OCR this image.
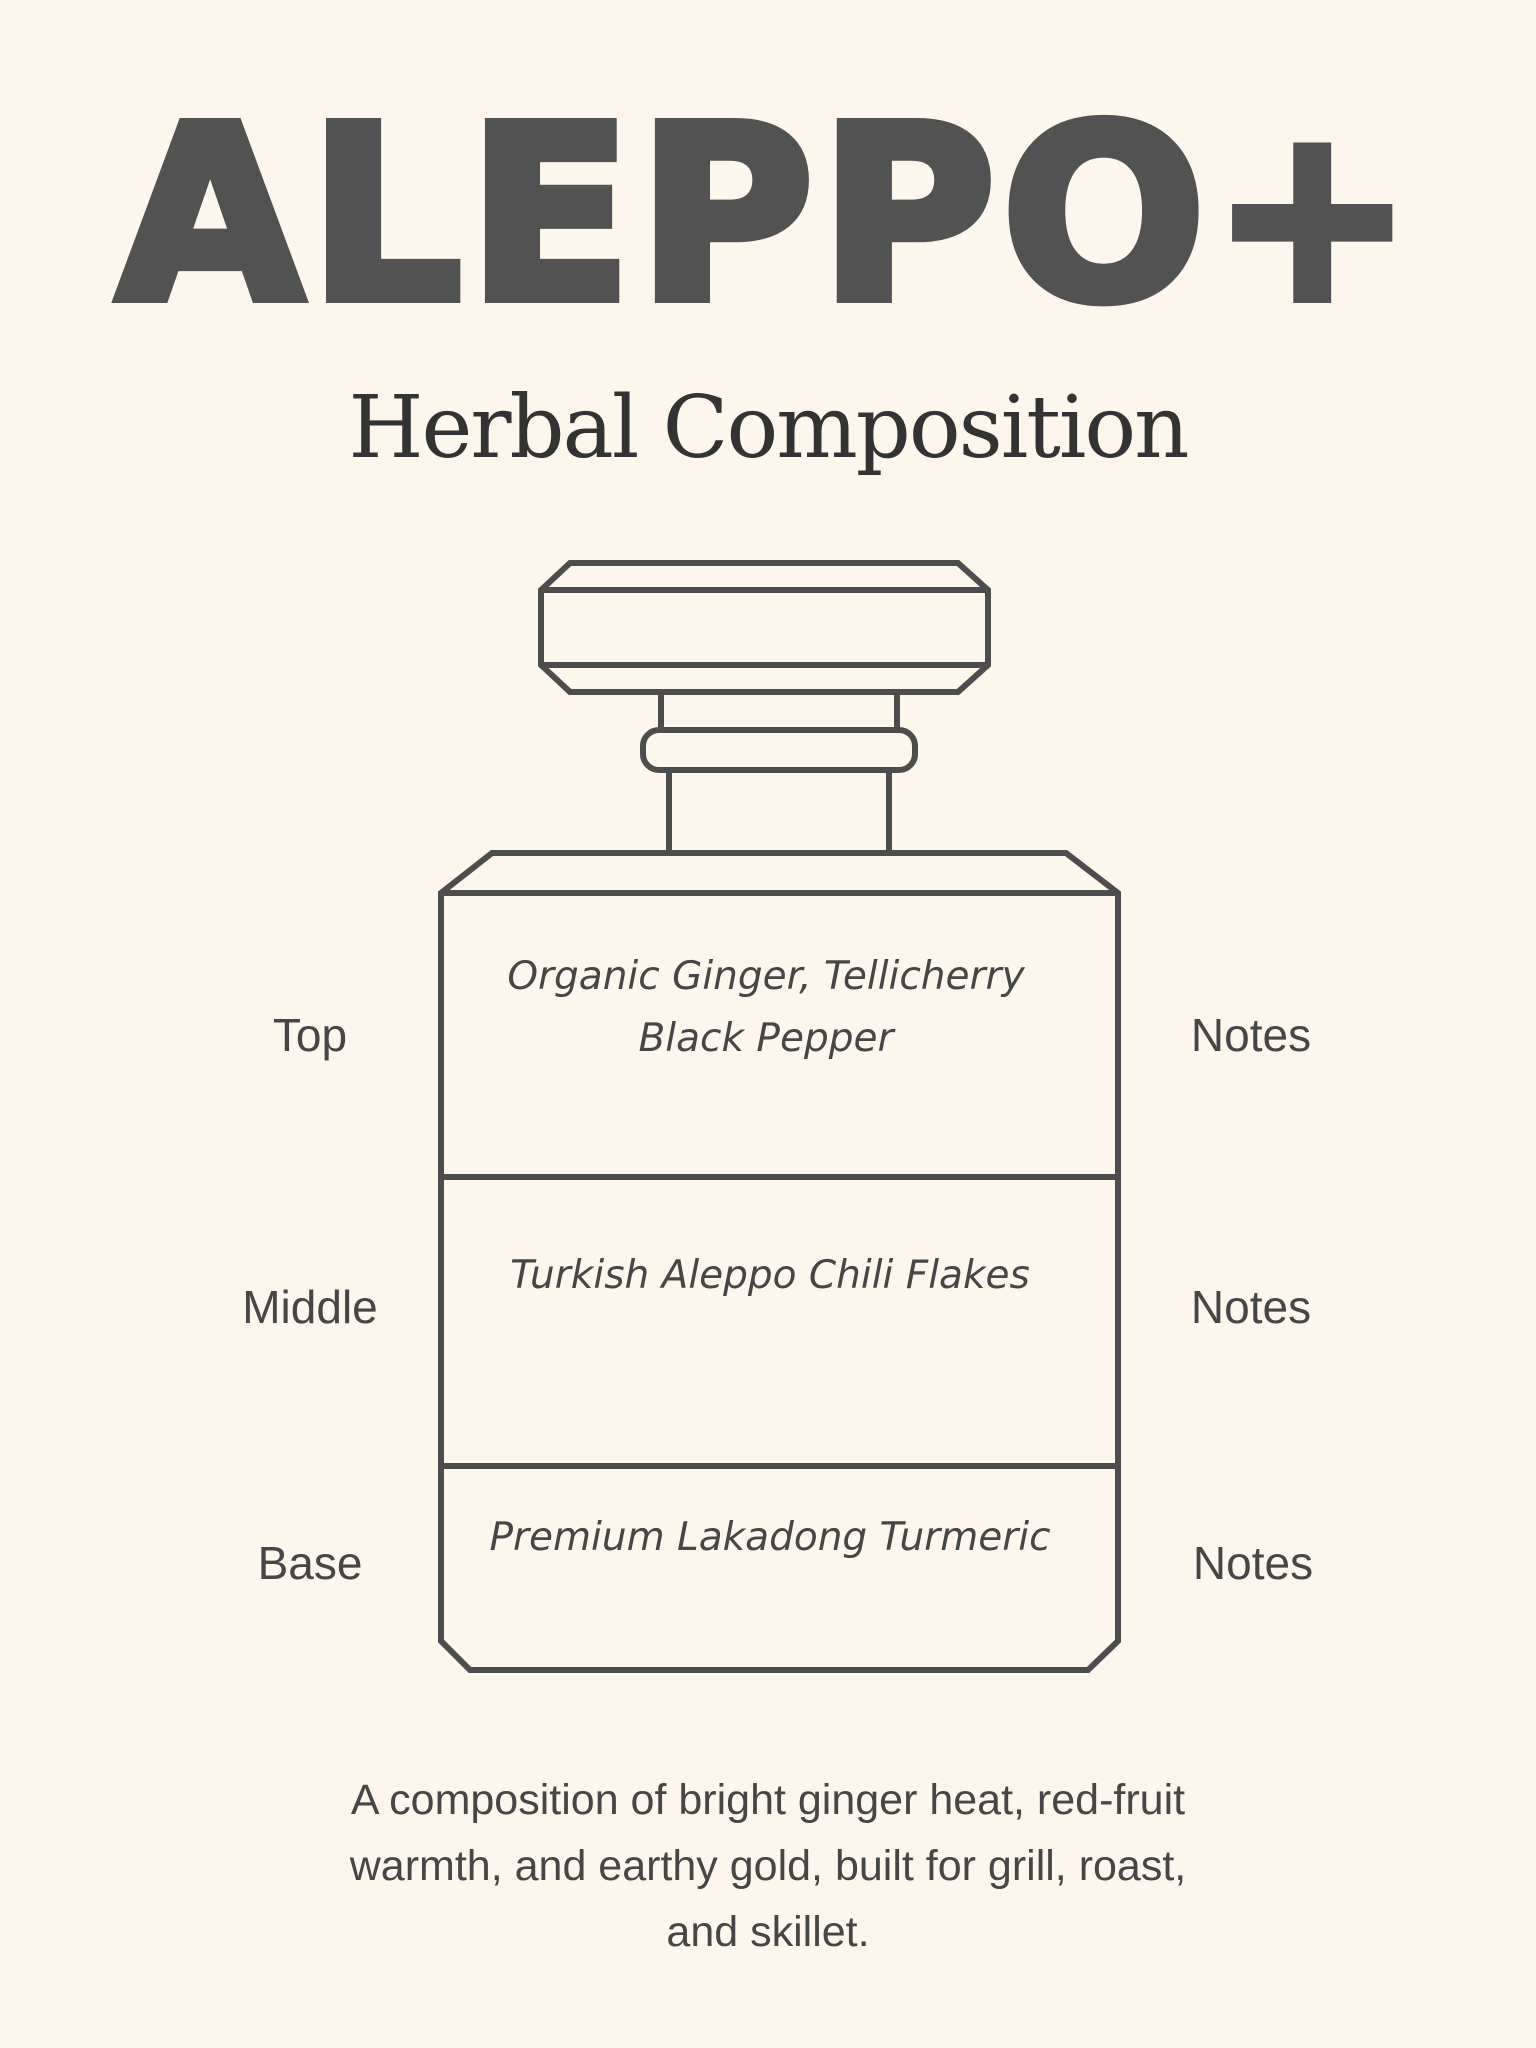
ALEPPO+
Herbal Composition
Top	Notes
Organic Ginger, Tellicherry Black Pepper
Middle	Notes
Turkish Aleppo Chili Flakes
Base	Notes
Premium Lakadong Turmeric
A composition of bright ginger heat, red-fruit warmth, and earthy gold, built for grill, roast, and skillet.
